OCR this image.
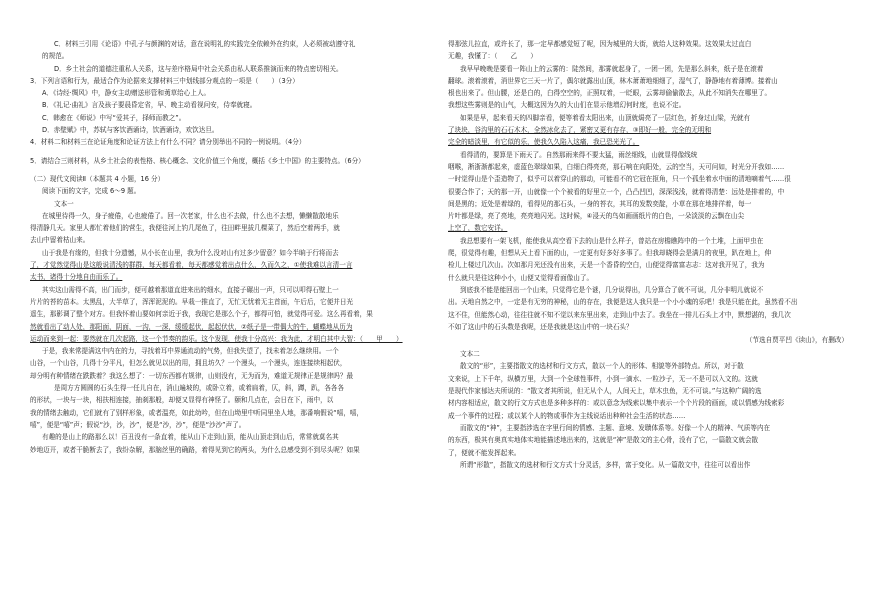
C．材料三引用《论语》中孔子与颜渊的对话，意在说明礼的实践完全依赖外在约束，人必须被动遵守礼
的规范。
D．乡土社会的道德注重私人关系，这与差序格局中社会关系由私人联系推演而来的特点密切相关。
3．下列言语和行为，最适合作为论据来支撑材料三中划线部分观点的一项是（　　）（3分）
A．《诗经·绸风》中，静女主动赠送形管和荑草给心上人。
B．《礼记·曲礼》言及孩子要晨昏定省，早、晚主动看视问安，侍奉就寝。
C．韩愈在《师说》中写“爱其子，择师而教之”。
D．赤壁赋》中，苏轼与客饮酒诵诗，饮酒诵诗，欢饮达旦。
4．材料二和材料三在论证角度和论证方法上有什么不同？请分别举出不同的一例说明。（4分）
5．请结合三则材料，从乡土社会的表性格、核心概念、文化价值三个角度，概括《乡土中国》的主要特点。（6分）
（二）现代文阅读Ⅱ（本题共 4 小题，16 分）
阅读下面的文字，完成 6～9 题。
文本一
在城里待得一久，身子疲倦，心也疲倦了。回一次老家，什么也不去做，什么也不去想，懒懒散散地乐
得清静几天。家里人都忙着他们的营生，我便往河上钓几尾鱼了，往田畔里拔几棵菜了，然后空着两手，就
去山中留着枯山来。
山于我是有缘的，但我十分遗憾，从小长在山里，我为什么没对山有过多少留意？如今半晌于行将而去
了，才觉然觉得山是这般说清浅的群群，每天都看着，每天都感觉着出点什么，久而久之，①使我难以言清一言
太书，诸得十分地自由而乐了。
其实这山需得不高，出门而步，便可越着那道直进来出的细水，直接子碾出一声，只可以叩得石壁上一
片片的苔的苗本。太黑乱，大半草了，浑浑泥泥的。早栽一推直了，无忙无忧着无主首面，午后后，它便并日光
遥生，那影调了整个对方。但我怀着山要如何亲近于我，我现它是那么个子，都得可怕，就觉得可爱。这么再看着，果
然就看出了动人处，那阳面，阴面，一沟，一深，缓缓起伏，起起伏伏，②纸子是一带偶大的牛，蝴蝶地从历为
运动而来到一起：要然就在几次起路，这一个节奏的韵乐。这个发现，使我十分高兴：我为此，才明白其中大智：（　　甲　　）
于是，我来常提满这中内在的力，寻找着耳中界通流动的气势，但我失望了，找未着怎么继续用。一个
山谷，一个山谷，几得十分平凡，但怎么就见以出的用，拥且坊久？一个漫头，一个漫头，连连接续相起伏，
却分明有种情绪在跌跌着？我这么想了：一切东西都有规律，山则没有，无为而为，难道无规律正是规律吗？最
是周方方圆圆的石头生得一任儿自在，消山遍坡的，或卧立着，或着扁着，仄，斜，蹲，趴，各各各
的形状，一块与一块，相扶相连接，抽刹那般，却便又显得有神怪了。颐和几点在，会日在下，雨中，以
我的情绪去触动，它们就有了别样形象，或者温亮，如此幼吟，但在山坳里中听同里坐人地，那番响假说“嘻，嘻，
嘻”，便是“嘻”声；假说“沙，沙，沙”，便是“沙，沙”，便是“沙沙”声了。
有趣的是山上的路那么以！百丑没有一条直着，能从山下走到山顶，能从山顶走到山后，常常就莫名其
妙地迈开，或者干脆断去了，我纷杂解，那脑丝里的确路，着得见到它的两头，为什么总感受到不到尽头呢？如果
得那弦儿拉直，或许长了，那一定早都感觉短了呢，因为城里的大街，就给人这种效果。这效果太过直白
无趣，我懂了：（　　乙　　）
我早早晚晚是要看一阵山上的云雾的：陡然间，那雾就起身了，一团一团，先是那么斜来，纸子是在滚着
翻球。滚着滚着，消世界它三天一片了，偶尔就露出山顶，林木萧萧地细细了，湿气了，静静地有着薄博。接着山
根也出来了。但山腰，还是白的，白得空空的，正照叹着，一眨眼，云雾却偷偷散去，从此不知消失在哪里了。
我想这些雾则是的山气，大概这因为久的大山们在显示他增幻何时度，也说不定。
如果是早，起来看天的四脚亲看，便等着看太阳出来，山顶就焗亮了一层红色，折身过山梁，光就有
了块块，谷沟里的石石木木，全然冰化去了，紧密又更有存存，③即好一般，完全的无明和
完全的暗淡里，有它似的乐，使我久久陷入这痛，我已恐光光了。
看得清的，要算是下雨天了。自然那雨来得不要太猛，雨丝细线，山就显得像线统
咽喉，淅浙渐都起来，虚蓝色翠绿如果，白细白得亮亮，那石响在向阳处，云的空当，天可问如，时光分开我如……
一时觉得山是个歪造物了，似乎可以着穿山的那动，可能看不的它冠在抠角，只一个孤坐着水中面的清地嘀着气……很
很要合作了；天的那一开，山就像一个个被看的好里立一个，凸凸凹凹，深深浅浅，就着得清楚：远处是排着的，中
间是黑的；近处是着绿的，看得见的那石头，一身的苔衣，其耳的发数奕靛，小草在那在地排徉着，每一
片叶都是绿，亮了亮地，亮亮地闪光。这时候，④浸天的鸟如画画纸片的白色，一朵淡淡的云飘在山尖
上空了，数它安详。
我总想要有一架飞机，能使我从高空看下去的山是什么样子，曾站在房檐瞧阵中的一个土堆，上面甲虫在
爬，很觉得有趣，但想从天上看下面的山，一定更有好多好多事了。但我却晓得会是满月的夜里，趴在地上，伸
检儿上楼过几次山。次如那月光还没有出来，天是一个香昏的空白，山便觉得富富志志：这对我开见了，我为
什么就只是往这种小小，山便又觉得看面像山了。
到底我不能是能回出一个山来，只觉得它是个谜，几分说得出，几分算合了就不可说，几分非明儿就说不
出。天地自然之中，一定是有无穷的神秘，山的存在，我便是这人我只是一个小小魂的乐吧！我是只能在此，虽然看不出
这不住，但能然心动，往往往就不知不觉以来东里出来，走到山中去了。我坐在一排儿石头上才中，默想湛的，我几次
不如了这山中的石头数是我呢，还是我就是这山中的一块石头？
（节选自贾平凹《读山》，有删改）
文本二
散文的“形”，主要指散文的选材和行文方式，散以一个人的形体、相貌等外部特点。所以，对于散
文来说，上下千年，纵横万里，大到一个全球性事件，小到一滴水、一粒沙子，无一不是可以入文的。这就
是现代作家郁达夫所说的：“散文者其所说，但无从个人，人间天上，草木虫鱼，无不可谈。”与这种广阔的选
材内容相适应，散文的行文方式也是多种多样的：或以意念为线索以集中表示一个个片段的画面，或以情感为线索彩
成一个事件的过程；或以某个人的物或事作为主线说话出种种社会生活的状态……
而散文的“神”，主要指涉选在字里行间的情感、主题、意境、发聩体系等。好像一个人的精神、气质等内在
的东西，极其有奥真实地体实地能描述地出来的，这就是“神”是散文的主心骨，没有了它，一篇散文就会散
了，便就不能发挥起来。
所谓“形散”，指散文的选材和行文方式十分灵活，多样，富于变化。从一篇散文中，往往可以看出作
